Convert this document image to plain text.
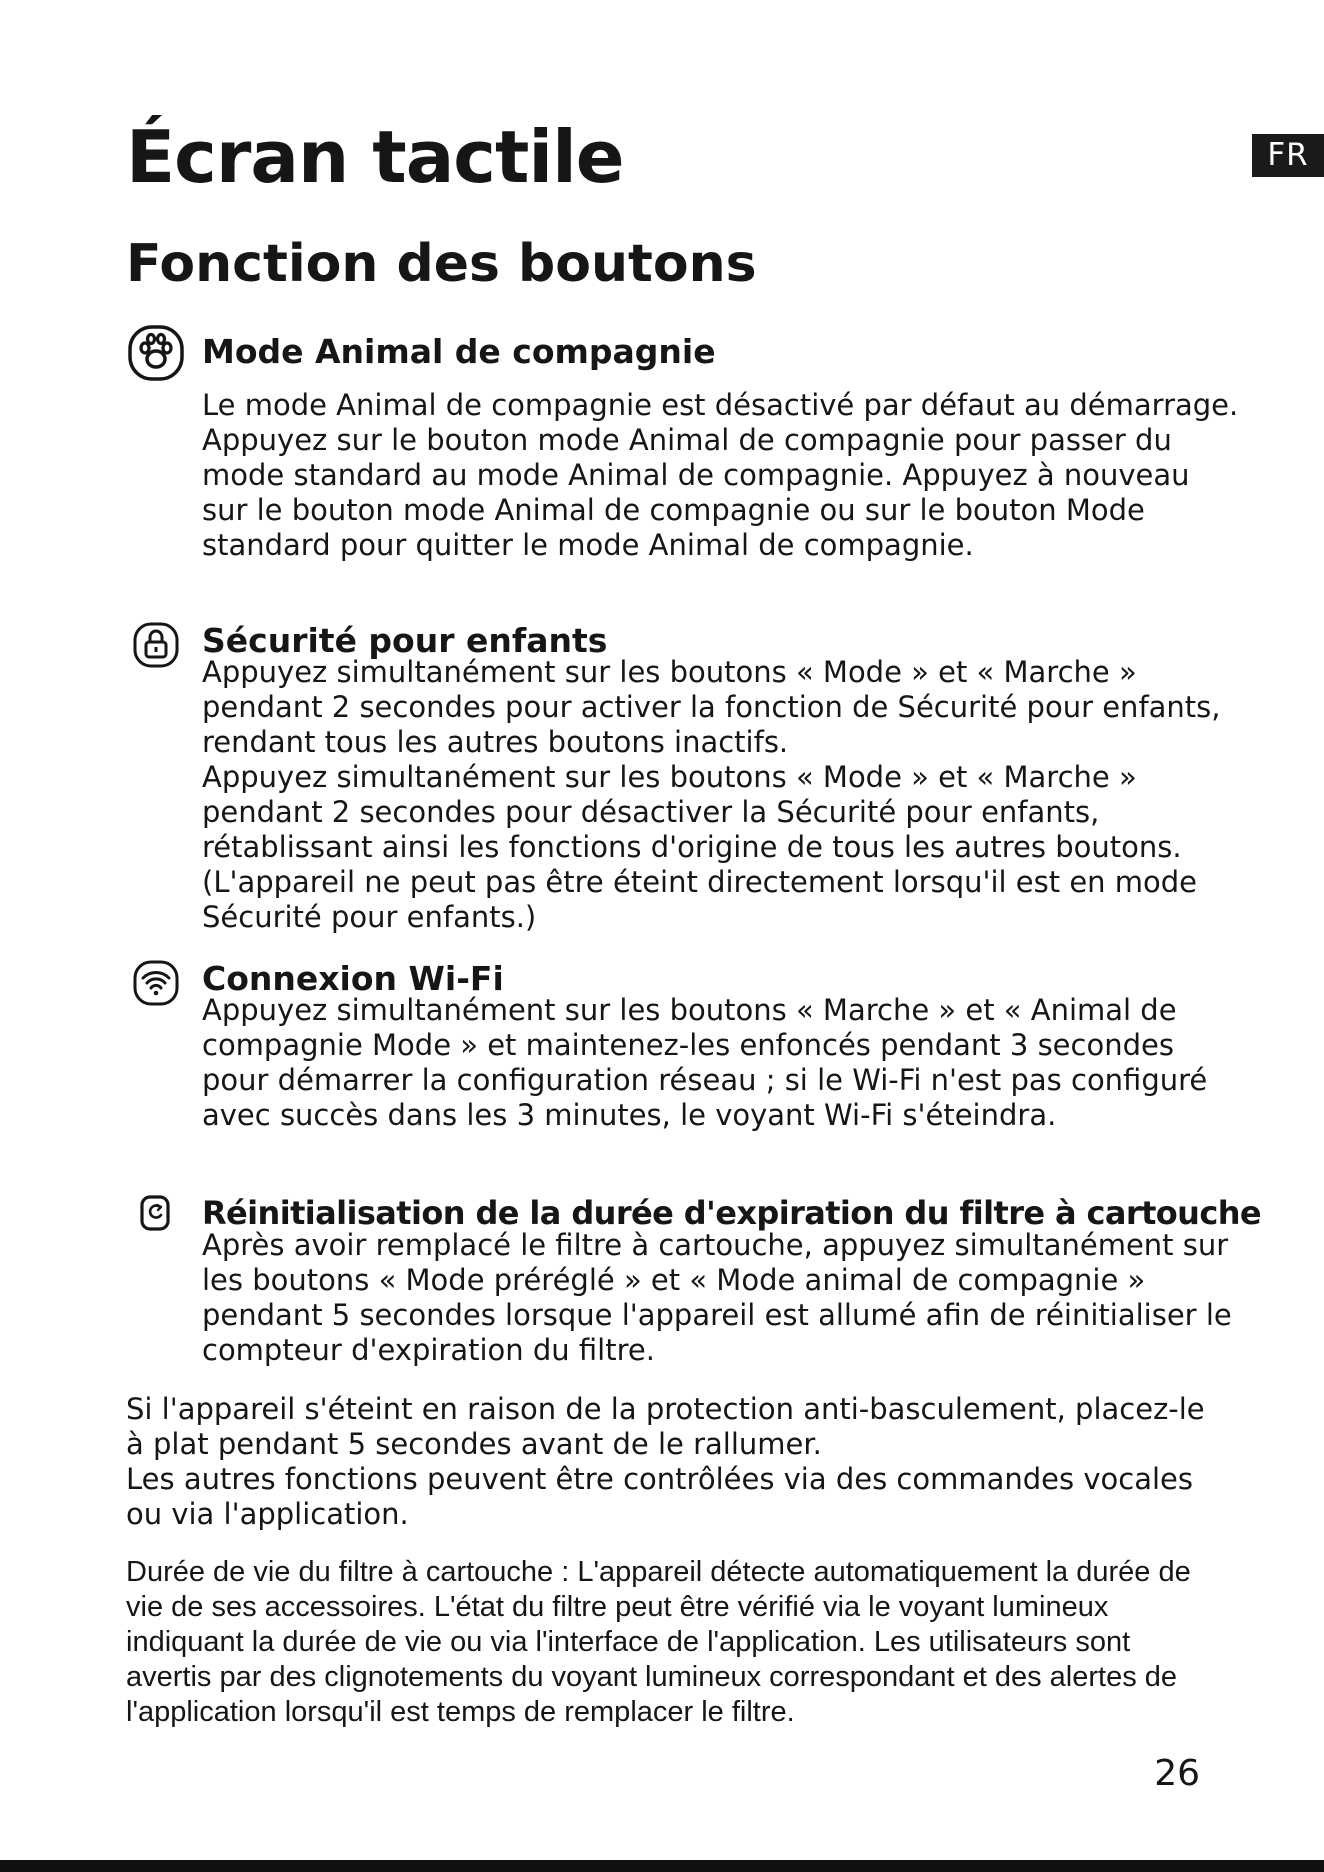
FR
Écran tactile
Fonction des boutons
Mode Animal de compagnie

Le mode Animal de compagnie est désactivé par défaut au démarrage. Appuyez sur le bouton mode Animal de compagnie pour passer du mode standard au mode Animal de compagnie. Appuyez à nouveau sur le bouton mode Animal de compagnie ou sur le bouton Mode standard pour quitter le mode Animal de compagnie.

Sécurité pour enfants

Appuyez simultanément sur les boutons « Mode » et « Marche » pendant 2 secondes pour activer la fonction de Sécurité pour enfants, rendant tous les autres boutons inactifs.

Appuyez simultanément sur les boutons « Mode » et « Marche » pendant 2 secondes pour désactiver la Sécurité pour enfants, rétablissant ainsi les fonctions d'origine de tous les autres boutons. (L'appareil ne peut pas être éteint directement lorsqu'il est en mode Sécurité pour enfants.)

Connexion Wi-Fi

Appuyez simultanément sur les boutons « Marche » et « Animal de compagnie Mode » et maintenez-les enfoncés pendant 3 secondes pour démarrer la configuration réseau ; si le Wi-Fi n'est pas configuré avec succès dans les 3 minutes, le voyant Wi-Fi s'éteindra.

Réinitialisation de la durée d'expiration du filtre à cartouche

Après avoir remplacé le filtre à cartouche, appuyez simultanément sur les boutons « Mode préréglé » et « Mode animal de compagnie » pendant 5 secondes lorsque l'appareil est allumé afin de réinitialiser le compteur d'expiration du filtre.

Si l'appareil s'éteint en raison de la protection anti-basculement, placez-le à plat pendant 5 secondes avant de le rallumer.

Les autres fonctions peuvent être contrôlées via des commandes vocales ou via l'application.

Durée de vie du filtre à cartouche : L'appareil détecte automatiquement la durée de vie de ses accessoires. L'état du filtre peut être vérifié via le voyant lumineux indiquant la durée de vie ou via l'interface de l'application. Les utilisateurs sont avertis par des clignotements du voyant lumineux correspondant et des alertes de l'application lorsqu'il est temps de remplacer le filtre.

26
